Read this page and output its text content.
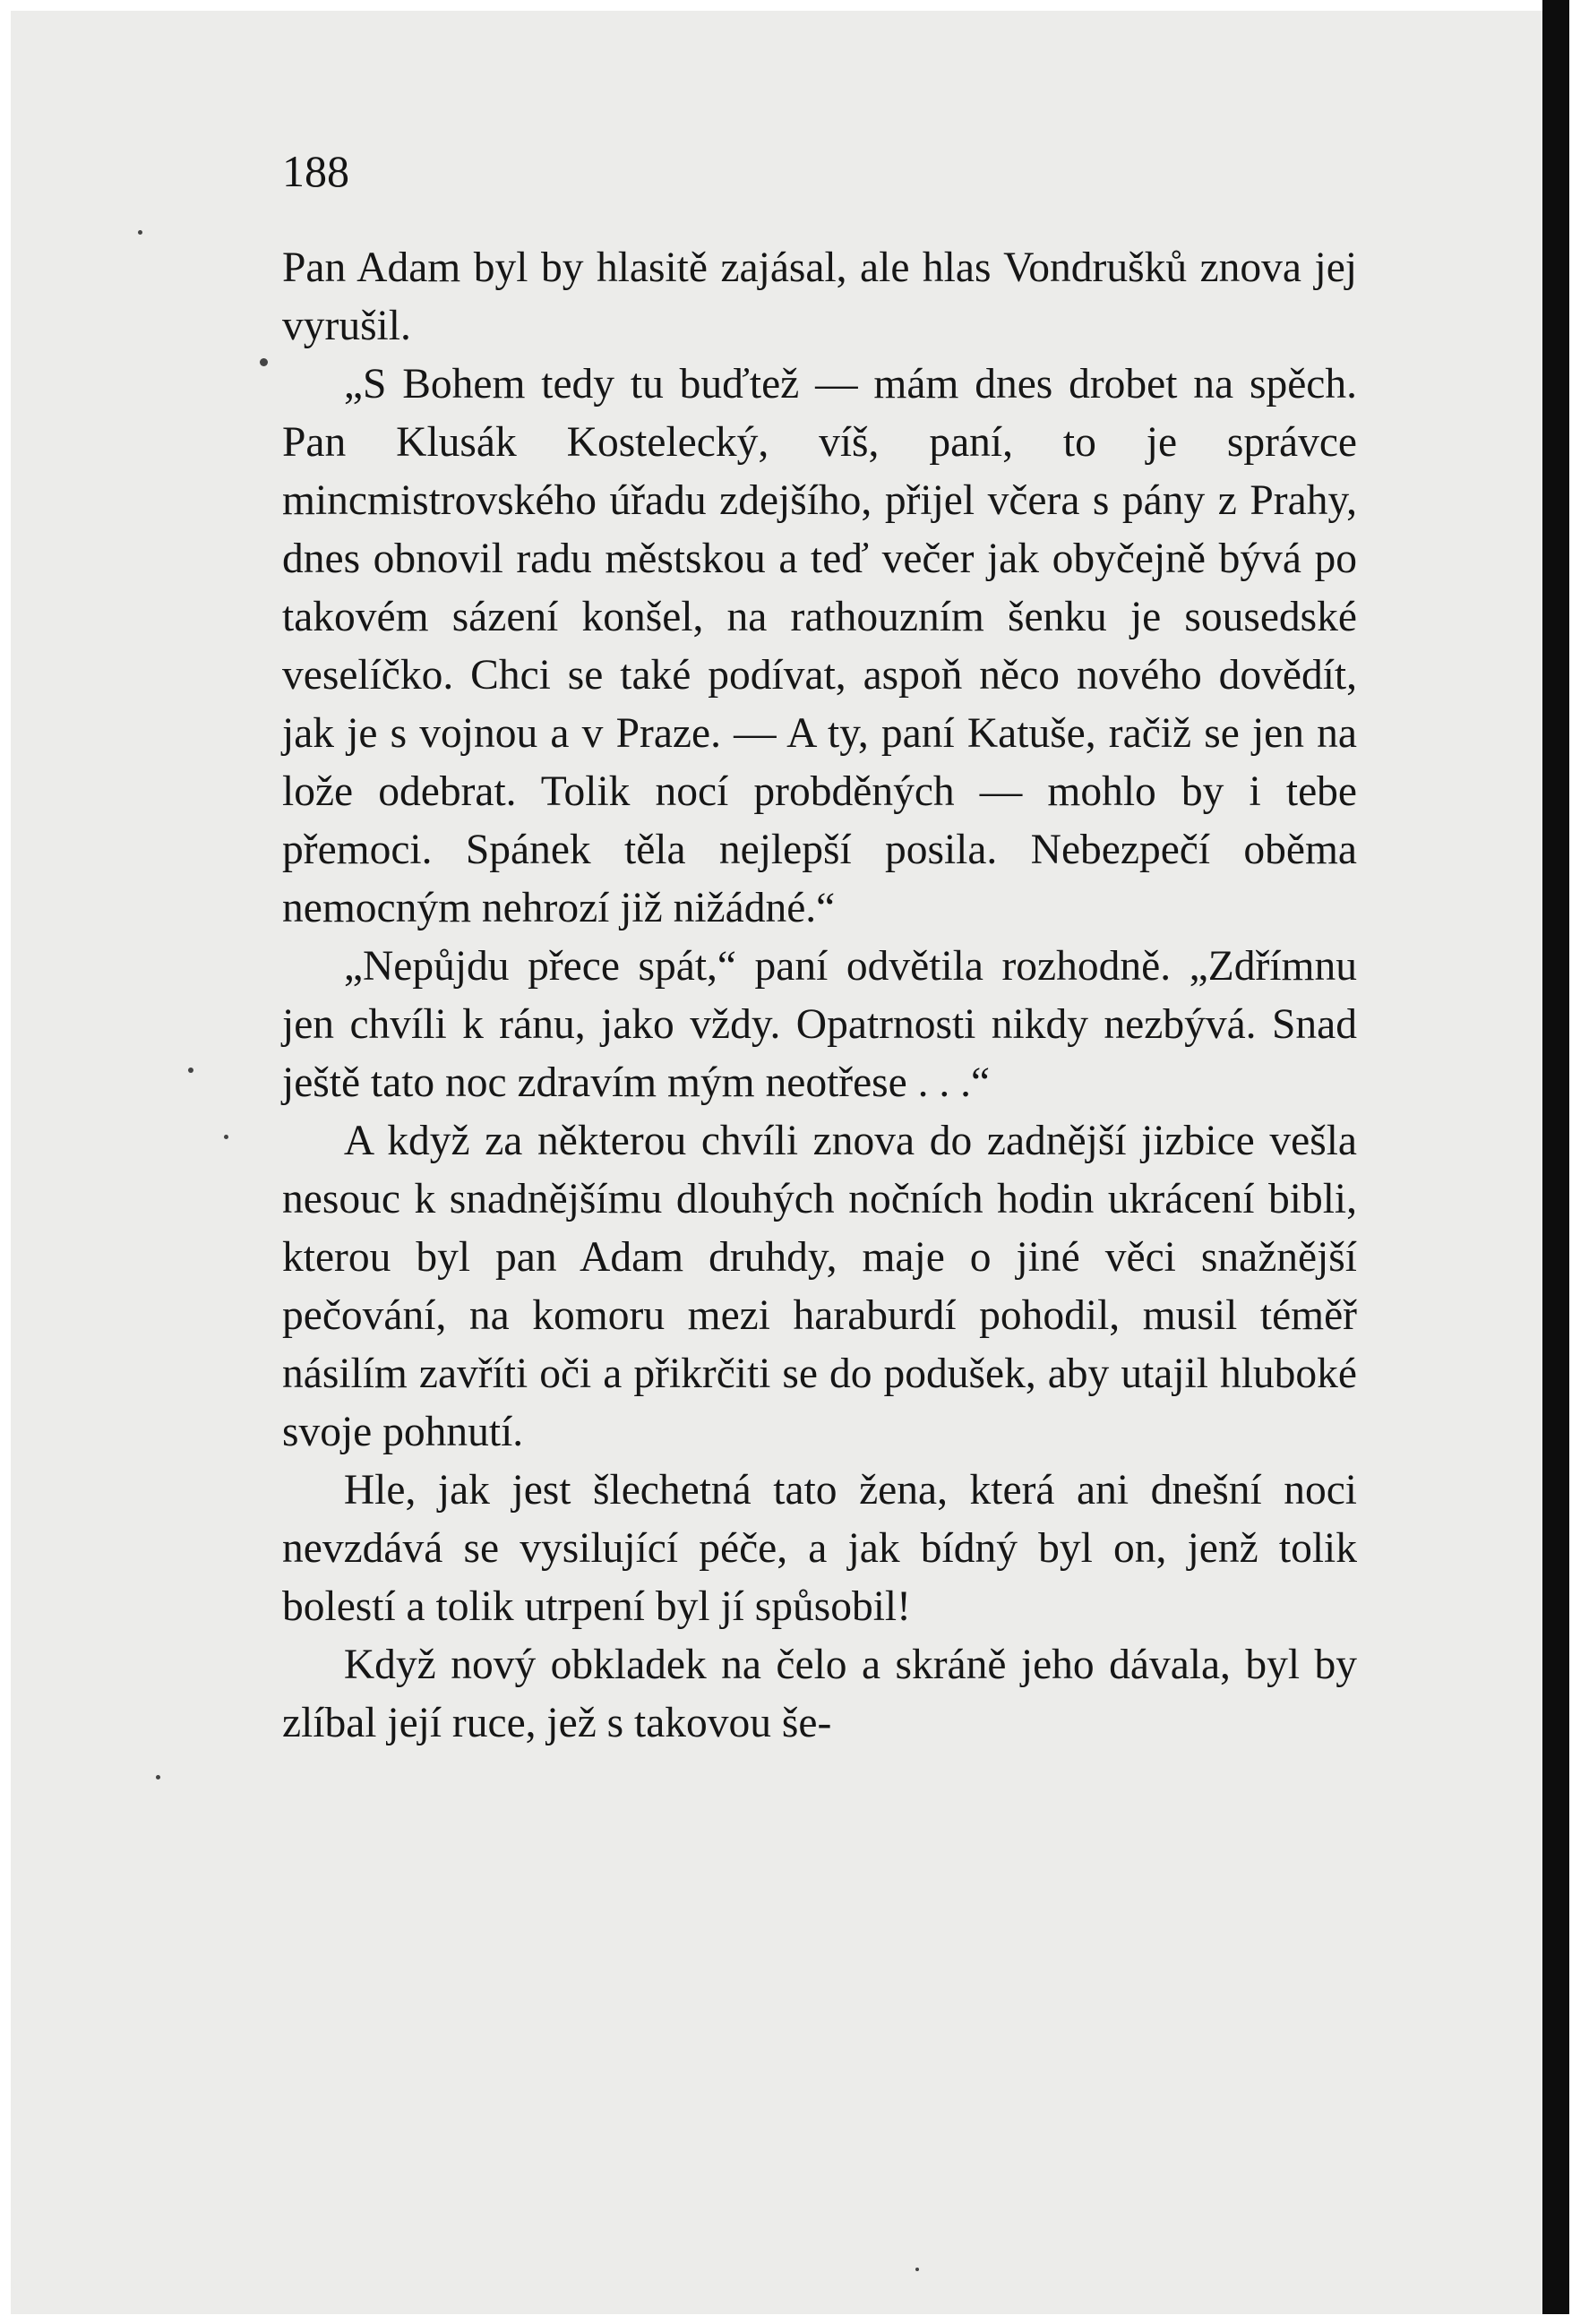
188

Pan Adam byl by hlasitě zajásal, ale hlas Vondrušků znova jej vyrušil.

„S Bohem tedy tu buďtež — mám dnes drobet na spěch. Pan Klusák Kostelecký, víš, paní, to je správce mincmistrovského úřadu zdejšího, přijel včera s pány z Prahy, dnes obnovil radu městskou a teď večer jak obyčejně bývá po takovém sázení konšel, na rathouzním šenku je sousedské veselíčko. Chci se také podívat, aspoň něco nového dovědít, jak je s vojnou a v Praze. — A ty, paní Katuše, račiž se jen na lože odebrat. Tolik nocí probděných — mohlo by i tebe přemoci. Spánek těla nejlepší posila. Nebezpečí oběma nemocným nehrozí již nižádné.“

„Nepůjdu přece spát,“ paní odvětila rozhodně. „Zdřímnu jen chvíli k ránu, jako vždy. Opatrnosti nikdy nezbývá. Snad ještě tato noc zdravím mým neotřese . . .“

A když za některou chvíli znova do zadnější jizbice vešla nesouc k snadnějšímu dlouhých nočních hodin ukrácení bibli, kterou byl pan Adam druhdy, maje o jiné věci snažnější pečování, na komoru mezi haraburdí pohodil, musil téměř násilím zavříti oči a přikrčiti se do podušek, aby utajil hluboké svoje pohnutí.

Hle, jak jest šlechetná tato žena, která ani dnešní noci nevzdává se vysilující péče, a jak bídný byl on, jenž tolik bolestí a tolik utrpení byl jí spůsobil!

Když nový obkladek na čelo a skráně jeho dávala, byl by zlíbal její ruce, jež s takovou še-
